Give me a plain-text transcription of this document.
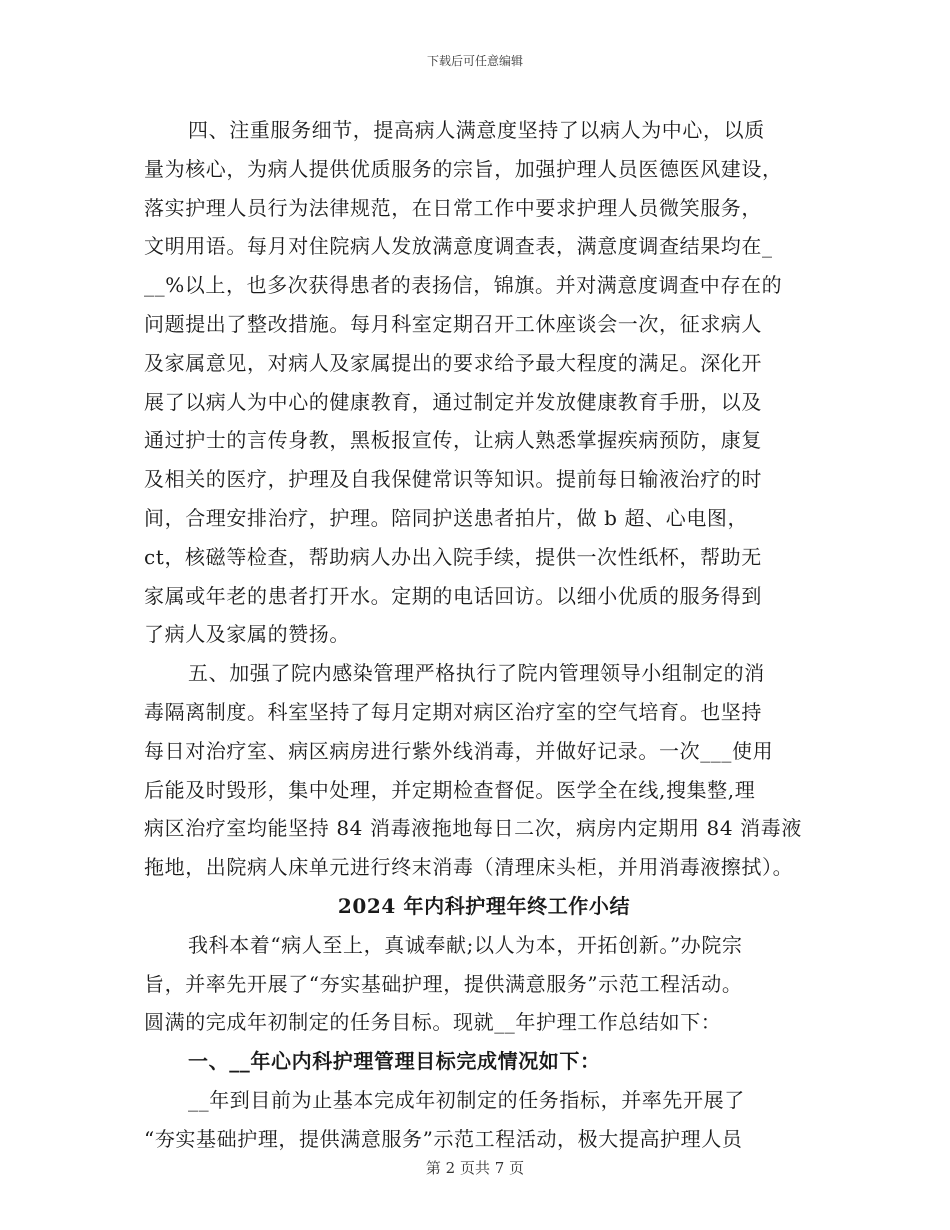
下载后可任意编辑
四、注重服务细节，提高病人满意度坚持了以病人为中心，以质
量为核心，为病人提供优质服务的宗旨，加强护理人员医德医风建设，
落实护理人员行为法律规范，在日常工作中要求护理人员微笑服务，
文明用语。每月对住院病人发放满意度调查表，满意度调查结果均在_
__%以上，也多次获得患者的表扬信，锦旗。并对满意度调查中存在的
问题提出了整改措施。每月科室定期召开工休座谈会一次，征求病人
及家属意见，对病人及家属提出的要求给予最大程度的满足。深化开
展了以病人为中心的健康教育，通过制定并发放健康教育手册，以及
通过护士的言传身教，黑板报宣传，让病人熟悉掌握疾病预防，康复
及相关的医疗，护理及自我保健常识等知识。提前每日输液治疗的时
间，合理安排治疗，护理。陪同护送患者拍片，做 b 超、心电图，
ct，核磁等检查，帮助病人办出入院手续，提供一次性纸杯，帮助无
家属或年老的患者打开水。定期的电话回访。以细小优质的服务得到
了病人及家属的赞扬。
五、加强了院内感染管理严格执行了院内管理领导小组制定的消
毒隔离制度。科室坚持了每月定期对病区治疗室的空气培育。也坚持
每日对治疗室、病区病房进行紫外线消毒，并做好记录。一次___使用
后能及时毁形，集中处理，并定期检查督促。医学全在线,搜集整,理
病区治疗室均能坚持 84 消毒液拖地每日二次，病房内定期用 84 消毒液
拖地，出院病人床单元进行终末消毒（清理床头柜，并用消毒液擦拭）。
2024 年内科护理年终工作小结
我科本着“病人至上，真诚奉献;以人为本，开拓创新。”办院宗
旨，并率先开展了“夯实基础护理，提供满意服务”示范工程活动。
圆满的完成年初制定的任务目标。现就__年护理工作总结如下：
一、__年心内科护理管理目标完成情况如下：
__年到目前为止基本完成年初制定的任务指标，并率先开展了
“夯实基础护理，提供满意服务”示范工程活动，极大提高护理人员
第 2 页共 7 页
